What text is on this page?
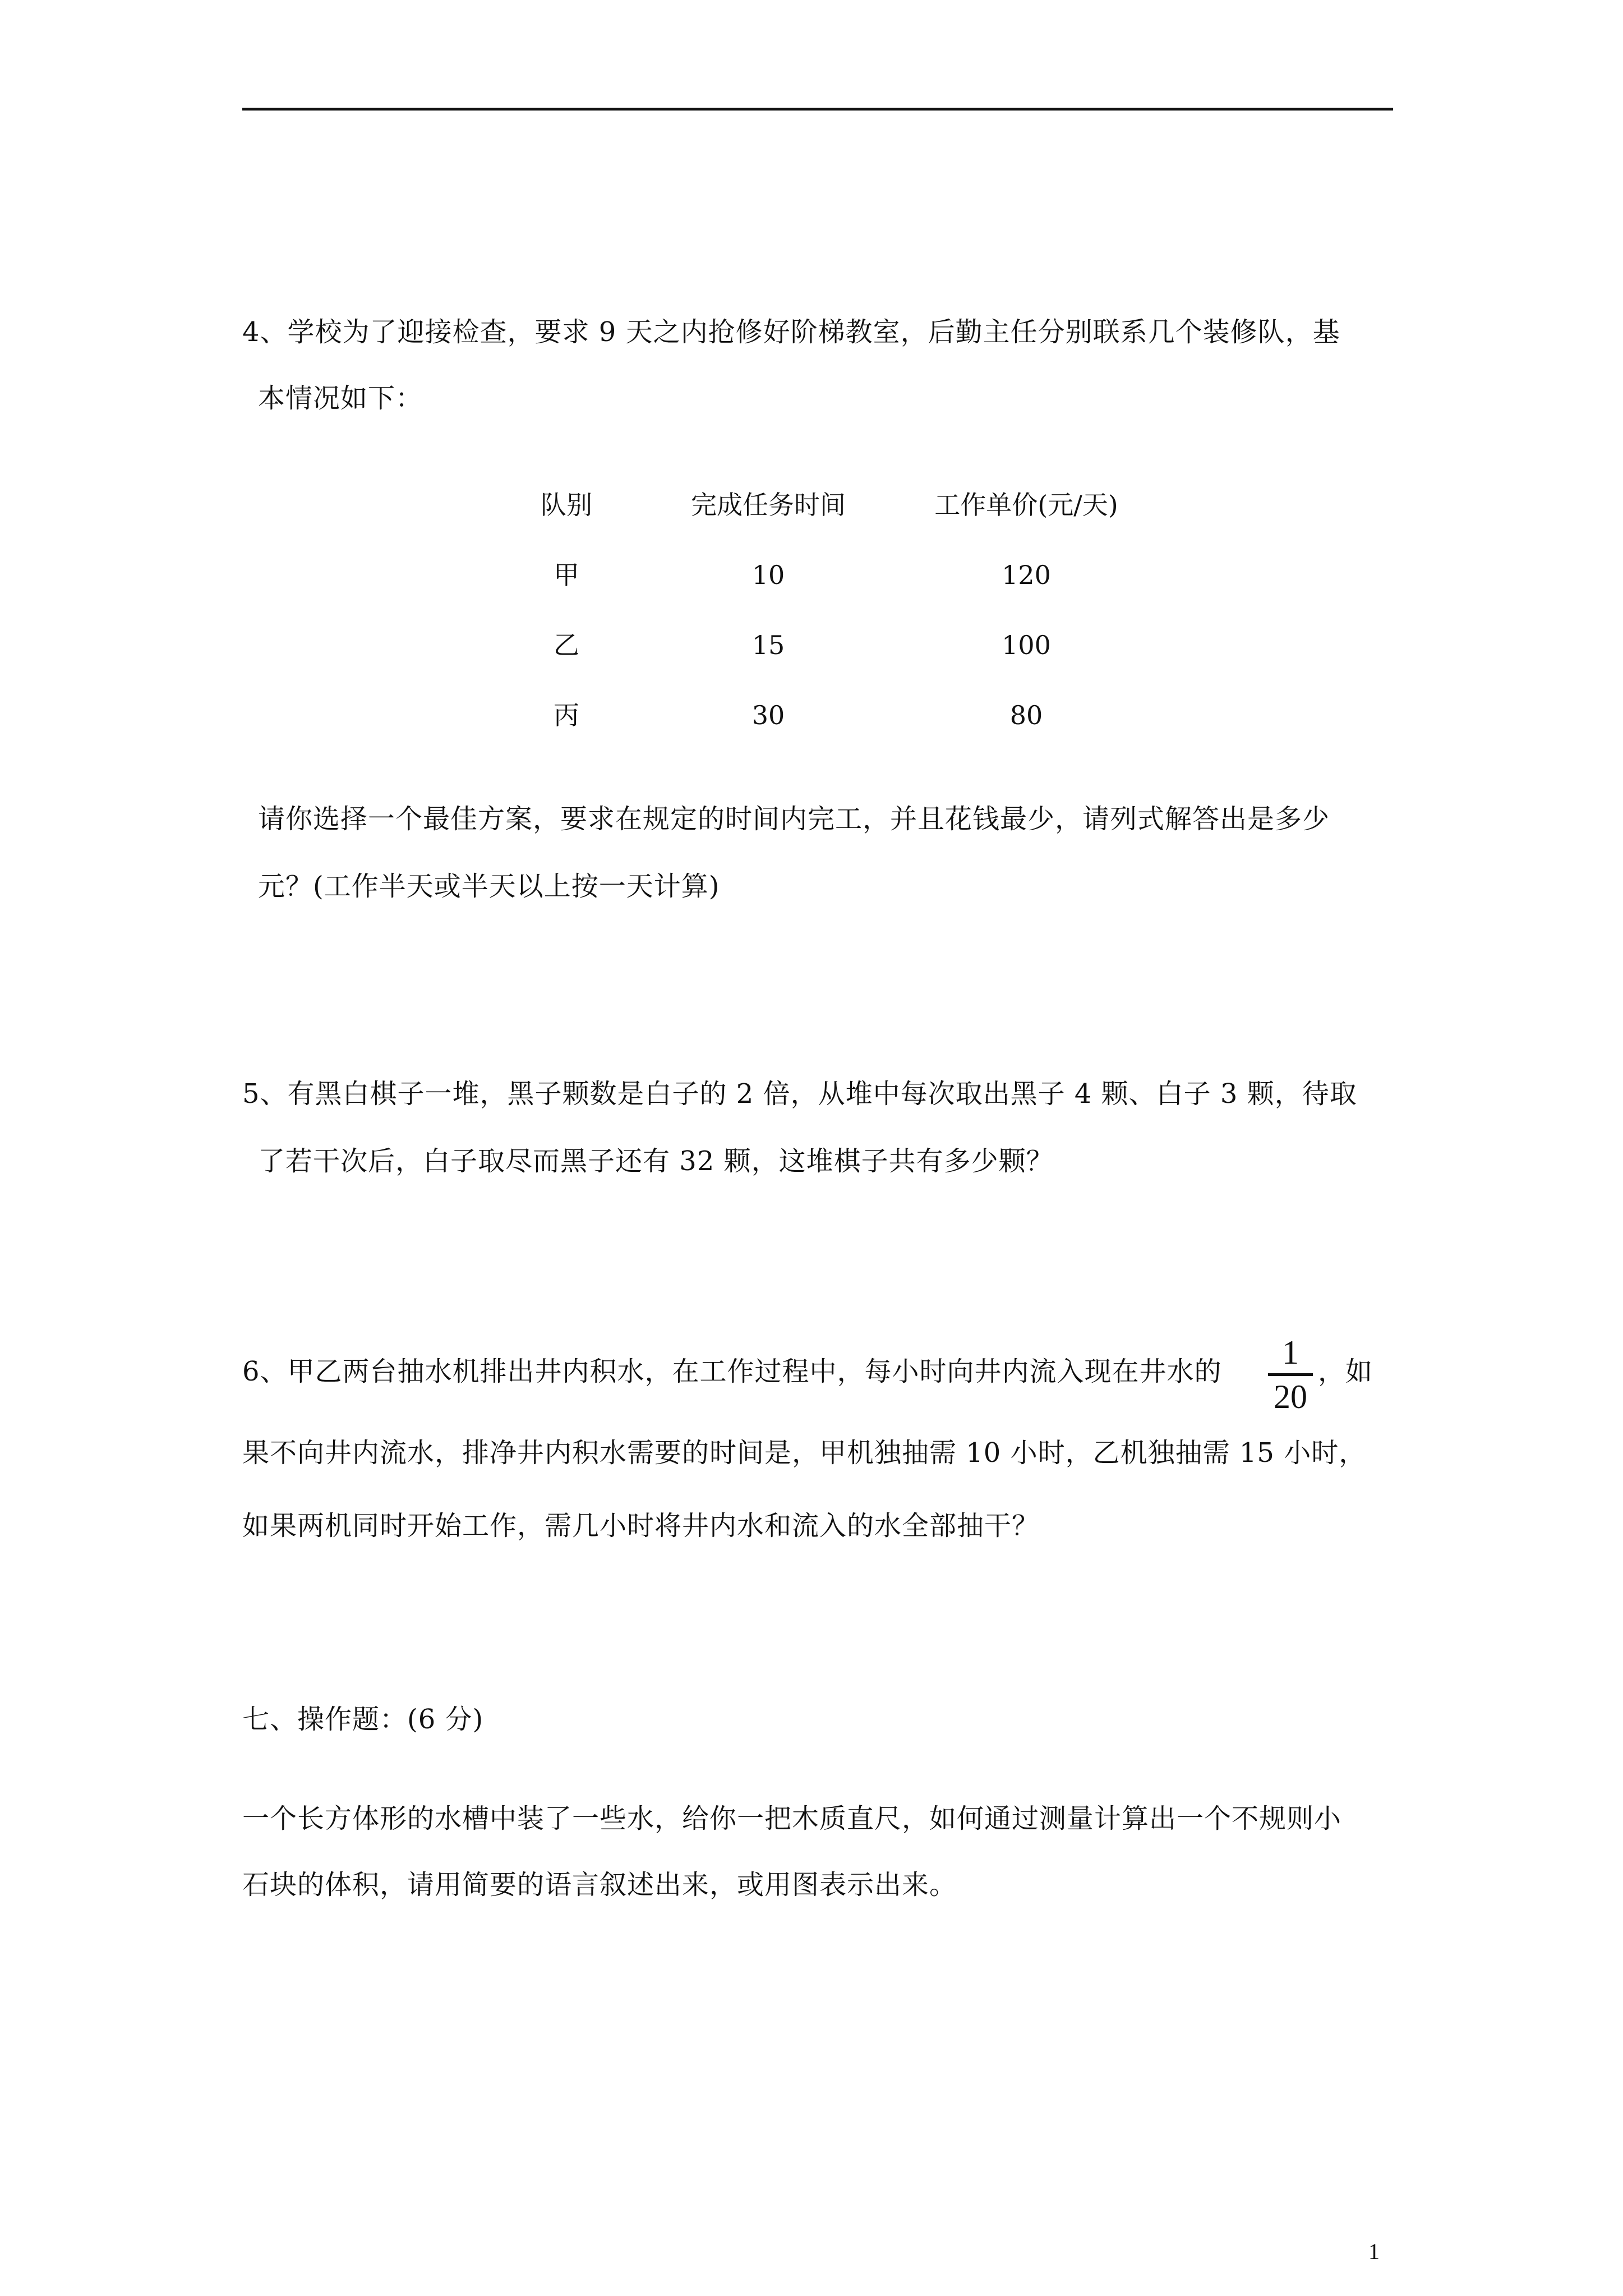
4、学校为了迎接检查，要求 9 天之内抢修好阶梯教室，后勤主任分别联系几个装修队，基
本情况如下：
队别	完成任务时间	工作单价(元/天)
甲	10	120
乙	15	100
丙	30	80
请你选择一个最佳方案，要求在规定的时间内完工，并且花钱最少，请列式解答出是多少
元？(工作半天或半天以上按一天计算)
5、有黑白棋子一堆，黑子颗数是白子的 2 倍，从堆中每次取出黑子 4 颗、白子 3 颗，待取
了若干次后，白子取尽而黑子还有 32 颗，这堆棋子共有多少颗？
6、甲乙两台抽水机排出井内积水，在工作过程中，每小时向井内流入现在井水的
1
20
，如
果不向井内流水，排净井内积水需要的时间是，甲机独抽需 10 小时，乙机独抽需 15 小时，
如果两机同时开始工作，需几小时将井内水和流入的水全部抽干？
七、操作题：(6 分)
一个长方体形的水槽中装了一些水，给你一把木质直尺，如何通过测量计算出一个不规则小
石块的体积，请用简要的语言叙述出来，或用图表示出来。
1
